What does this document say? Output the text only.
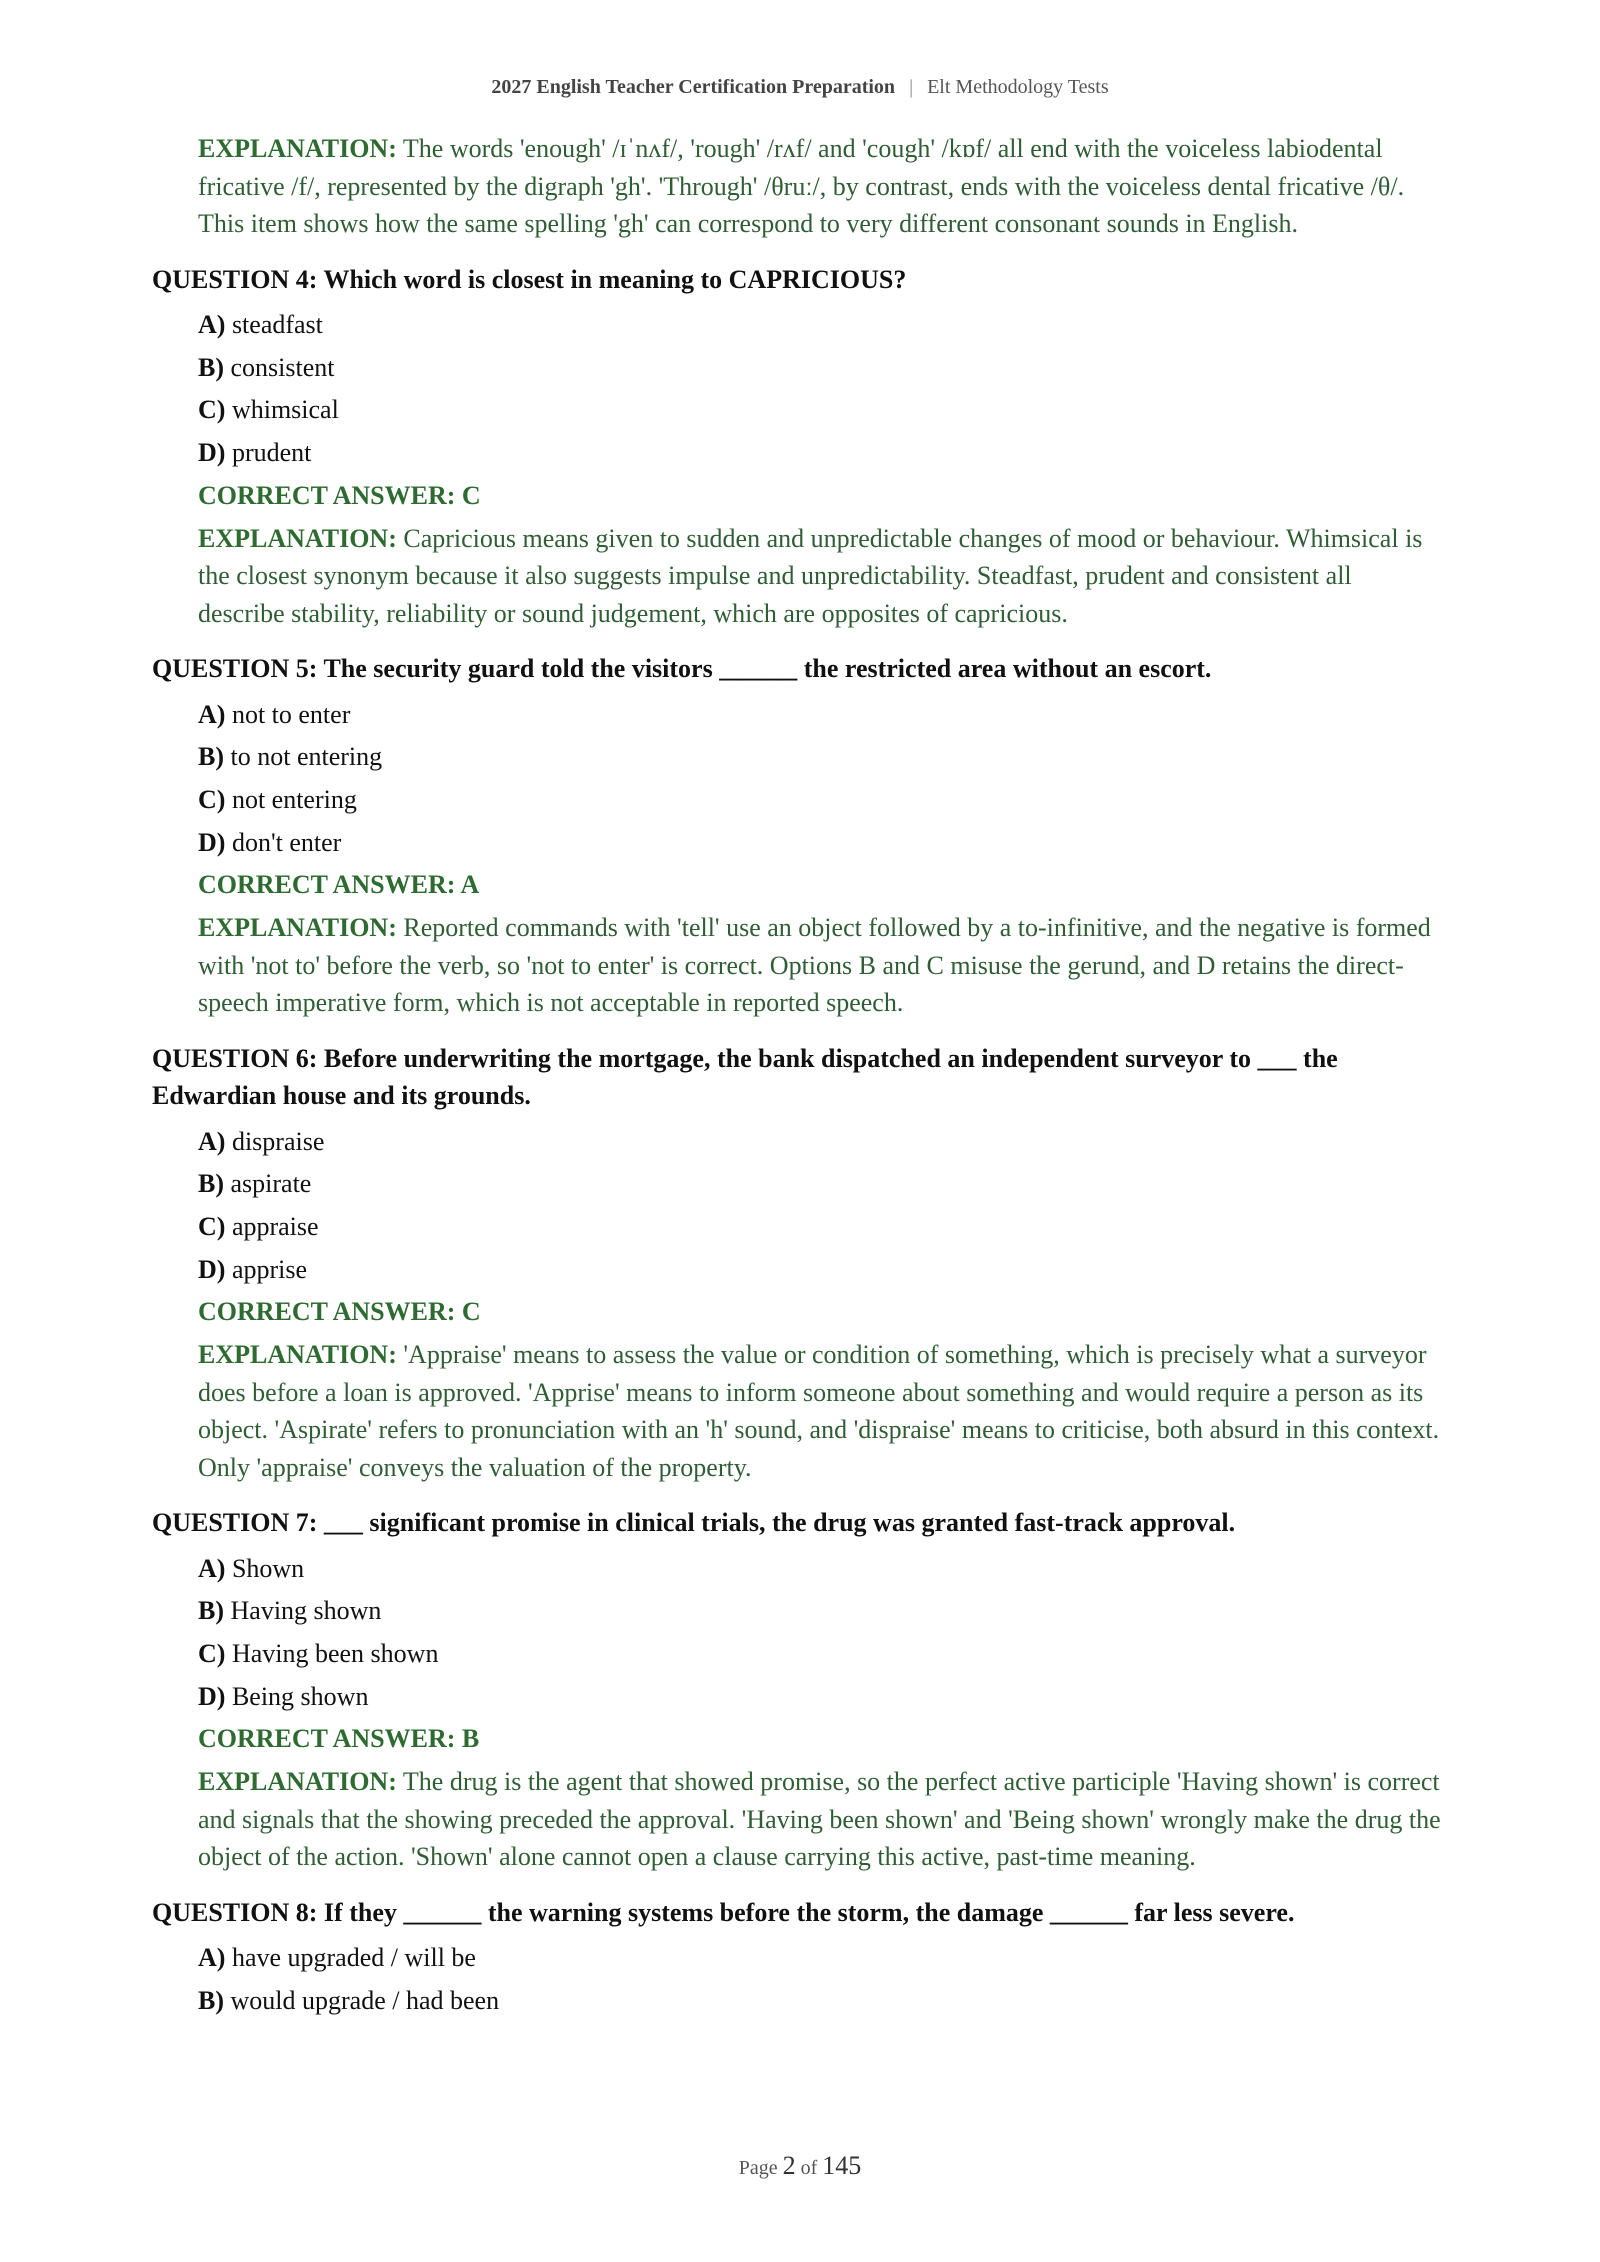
2027 English Teacher Certification Preparation | Elt Methodology Tests

EXPLANATION: The words 'enough' /ɪˈnʌf/, 'rough' /rʌf/ and 'cough' /kɒf/ all end with the voiceless labiodental fricative /f/, represented by the digraph 'gh'. 'Through' /θruː/, by contrast, ends with the voiceless dental fricative /θ/. This item shows how the same spelling 'gh' can correspond to very different consonant sounds in English.

QUESTION 4: Which word is closest in meaning to CAPRICIOUS?

A) steadfast
B) consistent
C) whimsical
D) prudent
CORRECT ANSWER: C

EXPLANATION: Capricious means given to sudden and unpredictable changes of mood or behaviour. Whimsical is the closest synonym because it also suggests impulse and unpredictability. Steadfast, prudent and consistent all describe stability, reliability or sound judgement, which are opposites of capricious.

QUESTION 5: The security guard told the visitors ______ the restricted area without an escort.

A) not to enter
B) to not entering
C) not entering
D) don't enter
CORRECT ANSWER: A

EXPLANATION: Reported commands with 'tell' use an object followed by a to-infinitive, and the negative is formed with 'not to' before the verb, so 'not to enter' is correct. Options B and C misuse the gerund, and D retains the direct-speech imperative form, which is not acceptable in reported speech.

QUESTION 6: Before underwriting the mortgage, the bank dispatched an independent surveyor to ___ the Edwardian house and its grounds.

A) dispraise
B) aspirate
C) appraise
D) apprise
CORRECT ANSWER: C

EXPLANATION: 'Appraise' means to assess the value or condition of something, which is precisely what a surveyor does before a loan is approved. 'Apprise' means to inform someone about something and would require a person as its object. 'Aspirate' refers to pronunciation with an 'h' sound, and 'dispraise' means to criticise, both absurd in this context. Only 'appraise' conveys the valuation of the property.

QUESTION 7: ___ significant promise in clinical trials, the drug was granted fast-track approval.

A) Shown
B) Having shown
C) Having been shown
D) Being shown
CORRECT ANSWER: B

EXPLANATION: The drug is the agent that showed promise, so the perfect active participle 'Having shown' is correct and signals that the showing preceded the approval. 'Having been shown' and 'Being shown' wrongly make the drug the object of the action. 'Shown' alone cannot open a clause carrying this active, past-time meaning.

QUESTION 8: If they ______ the warning systems before the storm, the damage ______ far less severe.

A) have upgraded / will be
B) would upgrade / had been
Page 2 of 145
